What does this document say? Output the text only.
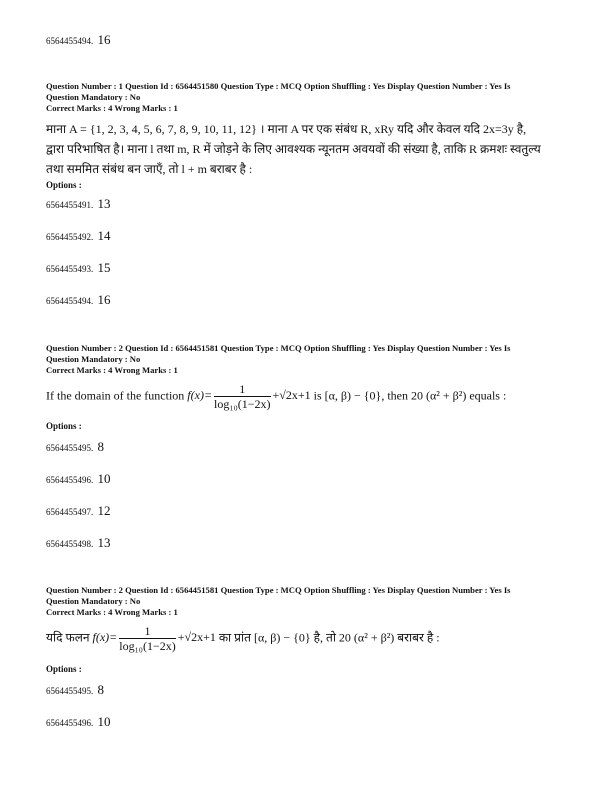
6564455494. 16
Question Number : 1 Question Id : 6564451580 Question Type : MCQ Option Shuffling : Yes Display Question Number : Yes Is
Question Mandatory : No
Correct Marks : 4 Wrong Marks : 1
माना A = {1, 2, 3, 4, 5, 6, 7, 8, 9, 10, 11, 12} । माना A पर एक संबंध R, xRy यदि और केवल यदि 2x=3y है,
द्वारा परिभाषित है। माना l तथा m, R में जोड़ने के लिए आवश्यक न्यूनतम अवयवों की संख्या है, ताकि R क्रमशः स्वतुल्य
तथा सममित संबंध बन जाएँ, तो l + m बराबर है :
Options :
6564455491. 13
6564455492. 14
6564455493. 15
6564455494. 16
Question Number : 2 Question Id : 6564451581 Question Type : MCQ Option Shuffling : Yes Display Question Number : Yes Is
Question Mandatory : No
Correct Marks : 4 Wrong Marks : 1
If the domain of the function $f(x)= \frac{1}{\text{log₁₀(1−2x)}} +√2x+1$ is [α, β) − {0}, then 20 (α² + β²) equals :
Options :
6564455495. 8
6564455496. 10
6564455497. 12
6564455498. 13
Question Number : 2 Question Id : 6564451581 Question Type : MCQ Option Shuffling : Yes Display Question Number : Yes Is
Question Mandatory : No
Correct Marks : 4 Wrong Marks : 1
यदि फलन $f(x)= \frac{1}{\text{log₁₀(1−2x)}} +√2x+1$ का प्रांत [α, β) − {0} है, तो 20 (α² + β²) बराबर है :
Options :
6564455495. 8
6564455496. 10
